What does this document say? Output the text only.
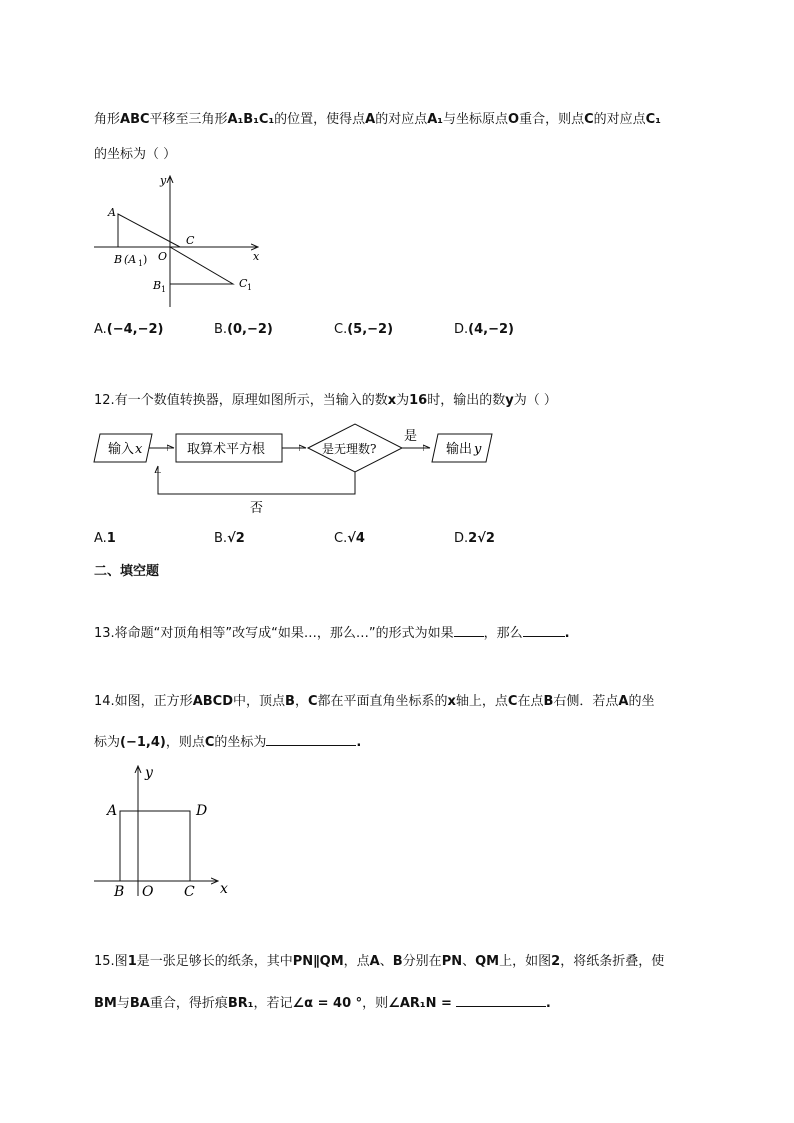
角形ABC平移至三角形A₁B₁C₁的位置，使得点A的对应点A₁与坐标原点O重合，则点C的对应点C₁
的坐标为（ ）
y
x
A
C
O
B (A 1 )
B 1	C 1
A.(−4,−2)	B.(0,−2)	C.(5,−2)	D.(4,−2)
12.有一个数值转换器，原理如图所示，当输入的数x为16时，输出的数y为（ ）
输入 x	取算术平方根	是无理数?
是
输出 y
否
A.1	B.√2	C.√4	D.2√2
二、填空题
13.将命题“对顶角相等”改写成“如果…，那么…”的形式为如果 ，那么	.
14.如图，正方形ABCD中，顶点B，C都在平面直角坐标系的x轴上，点C在点B右侧．若点A的坐
标为(−1,4)，则点C的坐标为	.
y
x
A	D
B O C
15.图1是一张足够长的纸条，其中PN∥QM，点A、B分别在PN、QM上，如图2，将纸条折叠，使
BM与BA重合，得折痕BR₁，若记∠α = 40 °，则∠AR₁N =	.
